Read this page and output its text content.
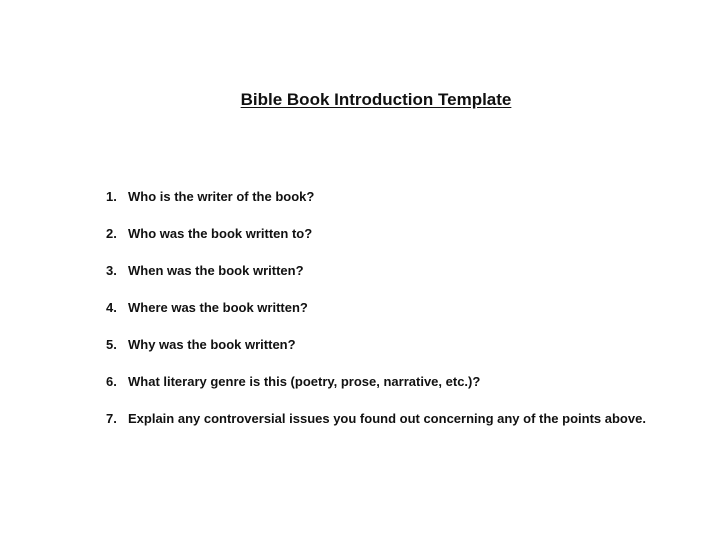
Bible Book Introduction Template
1. Who is the writer of the book?
2. Who was the book written to?
3. When was the book written?
4. Where was the book written?
5. Why was the book written?
6. What literary genre is this (poetry, prose, narrative, etc.)?
7. Explain any controversial issues you found out concerning any of the points above.
